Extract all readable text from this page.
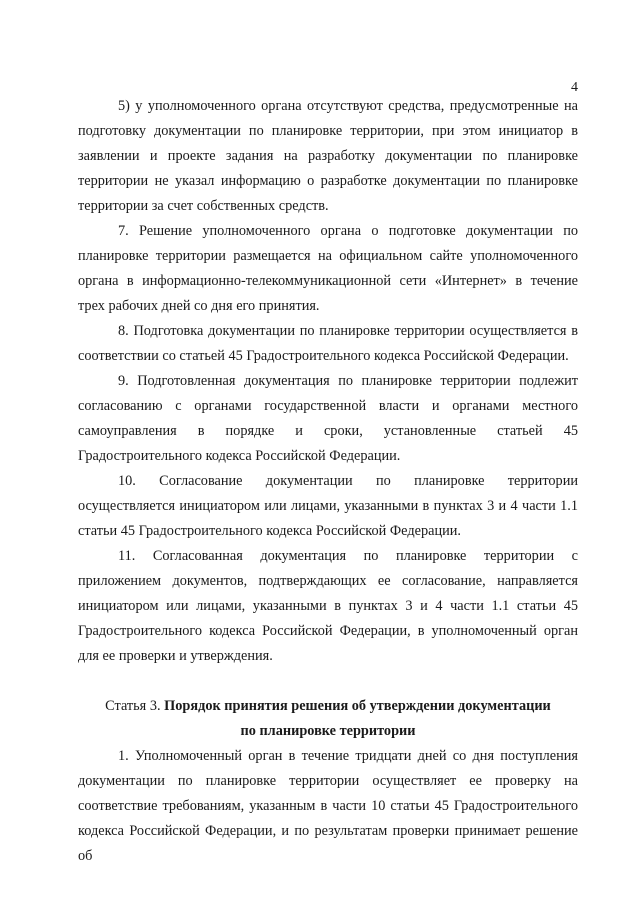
4

5) у уполномоченного органа отсутствуют средства, предусмотренные на подготовку документации по планировке территории, при этом инициатор в заявлении и проекте задания на разработку документации по планировке территории не указал информацию о разработке документации по планировке территории за счет собственных средств.

7. Решение уполномоченного органа о подготовке документации по планировке территории размещается на официальном сайте уполномоченного органа в информационно-телекоммуникационной сети «Интернет» в течение трех рабочих дней со дня его принятия.

8. Подготовка документации по планировке территории осуществляется в соответствии со статьей 45 Градостроительного кодекса Российской Федерации.

9. Подготовленная документация по планировке территории подлежит согласованию с органами государственной власти и органами местного самоуправления в порядке и сроки, установленные статьей 45 Градостроительного кодекса Российской Федерации.

10. Согласование документации по планировке территории осуществляется инициатором или лицами, указанными в пунктах 3 и 4 части 1.1 статьи 45 Градостроительного кодекса Российской Федерации.

11. Согласованная документация по планировке территории с приложением документов, подтверждающих ее согласование, направляется инициатором или лицами, указанными в пунктах 3 и 4 части 1.1 статьи 45 Градостроительного кодекса Российской Федерации, в уполномоченный орган для ее проверки и утверждения.

Статья 3. Порядок принятия решения об утверждении документации по планировке территории

1. Уполномоченный орган в течение тридцати дней со дня поступления документации по планировке территории осуществляет ее проверку на соответствие требованиям, указанным в части 10 статьи 45 Градостроительного кодекса Российской Федерации, и по результатам проверки принимает решение об
